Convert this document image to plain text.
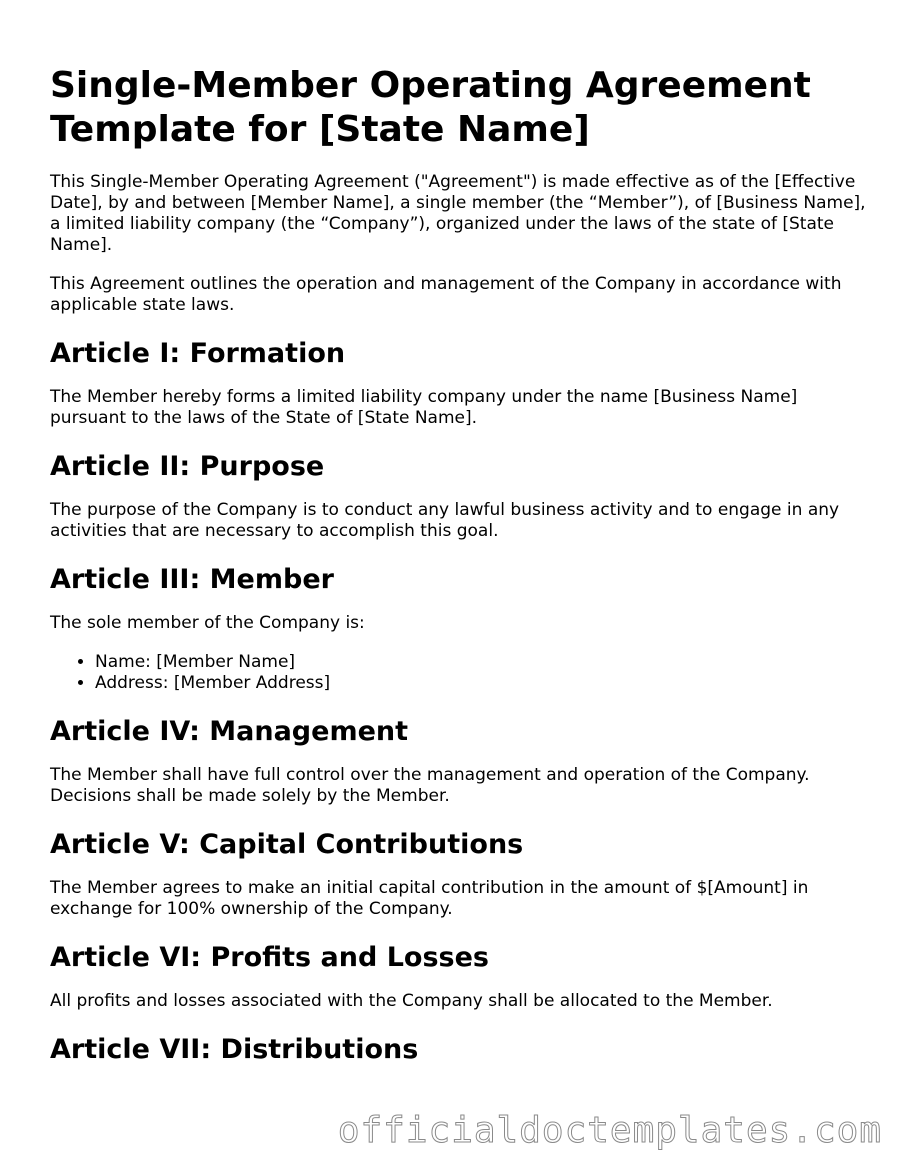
Single-Member Operating Agreement Template for [State Name]

This Single-Member Operating Agreement ("Agreement") is made effective as of the [Effective Date], by and between [Member Name], a single member (the “Member”), of [Business Name], a limited liability company (the “Company”), organized under the laws of the state of [State Name].

This Agreement outlines the operation and management of the Company in accordance with applicable state laws.

Article I: Formation

The Member hereby forms a limited liability company under the name [Business Name] pursuant to the laws of the State of [State Name].

Article II: Purpose

The purpose of the Company is to conduct any lawful business activity and to engage in any activities that are necessary to accomplish this goal.

Article III: Member

The sole member of the Company is:

• Name: [Member Name]
• Address: [Member Address]
Article IV: Management

The Member shall have full control over the management and operation of the Company. Decisions shall be made solely by the Member.

Article V: Capital Contributions

The Member agrees to make an initial capital contribution in the amount of $[Amount] in exchange for 100% ownership of the Company.

Article VI: Profits and Losses

All profits and losses associated with the Company shall be allocated to the Member.

Article VII: Distributions
officialdoctemplates.com
